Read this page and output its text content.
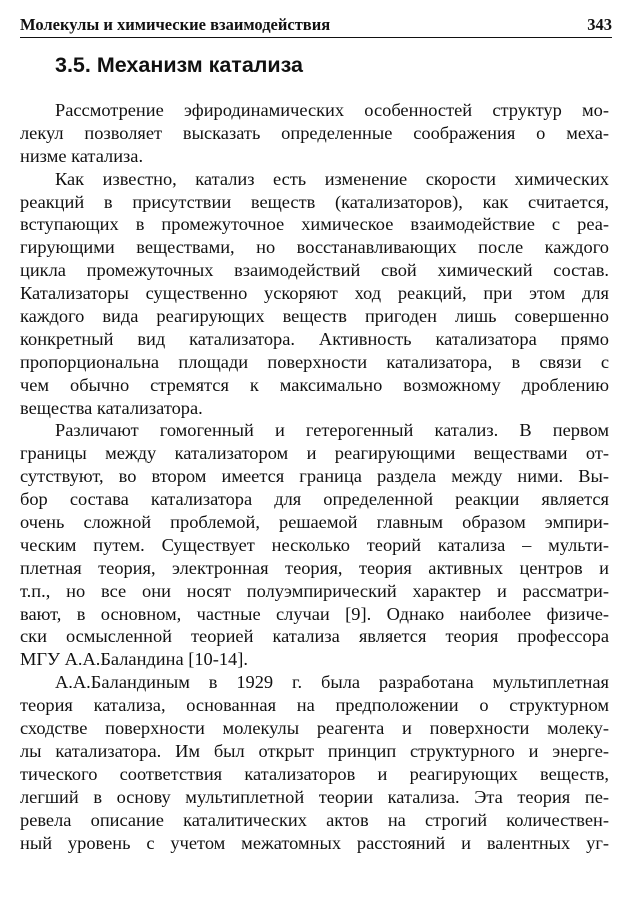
Молекулы и химические взаимодействия	343
3.5. Механизм катализа
Рассмотрение эфиродинамических особенностей структур мо-
лекул позволяет высказать определенные соображения о меха-
низме катализа.
Как известно, катализ есть изменение скорости химических
реакций в присутствии веществ (катализаторов), как считается,
вступающих в промежуточное химическое взаимодействие с реа-
гирующими веществами, но восстанавливающих после каждого
цикла промежуточных взаимодействий свой химический состав.
Катализаторы существенно ускоряют ход реакций, при этом для
каждого вида реагирующих веществ пригоден лишь совершенно
конкретный вид катализатора. Активность катализатора прямо
пропорциональна площади поверхности катализатора, в связи с
чем обычно стремятся к максимально возможному дроблению
вещества катализатора.
Различают гомогенный и гетерогенный катализ. В первом
границы между катализатором и реагирующими веществами от-
сутствуют, во втором имеется граница раздела между ними. Вы-
бор состава катализатора для определенной реакции является
очень сложной проблемой, решаемой главным образом эмпири-
ческим путем. Существует несколько теорий катализа – мульти-
плетная теория, электронная теория, теория активных центров и
т.п., но все они носят полуэмпирический характер и рассматри-
вают, в основном, частные случаи [9]. Однако наиболее физиче-
ски осмысленной теорией катализа является теория профессора
МГУ А.А.Баландина [10-14].
А.А.Баландиным в 1929 г. была разработана мультиплетная
теория катализа, основанная на предположении о структурном
сходстве поверхности молекулы реагента и поверхности молеку-
лы катализатора. Им был открыт принцип структурного и энерге-
тического соответствия катализаторов и реагирующих веществ,
легший в основу мультиплетной теории катализа. Эта теория пе-
ревела описание каталитических актов на строгий количествен-
ный уровень с учетом межатомных расстояний и валентных уг-
